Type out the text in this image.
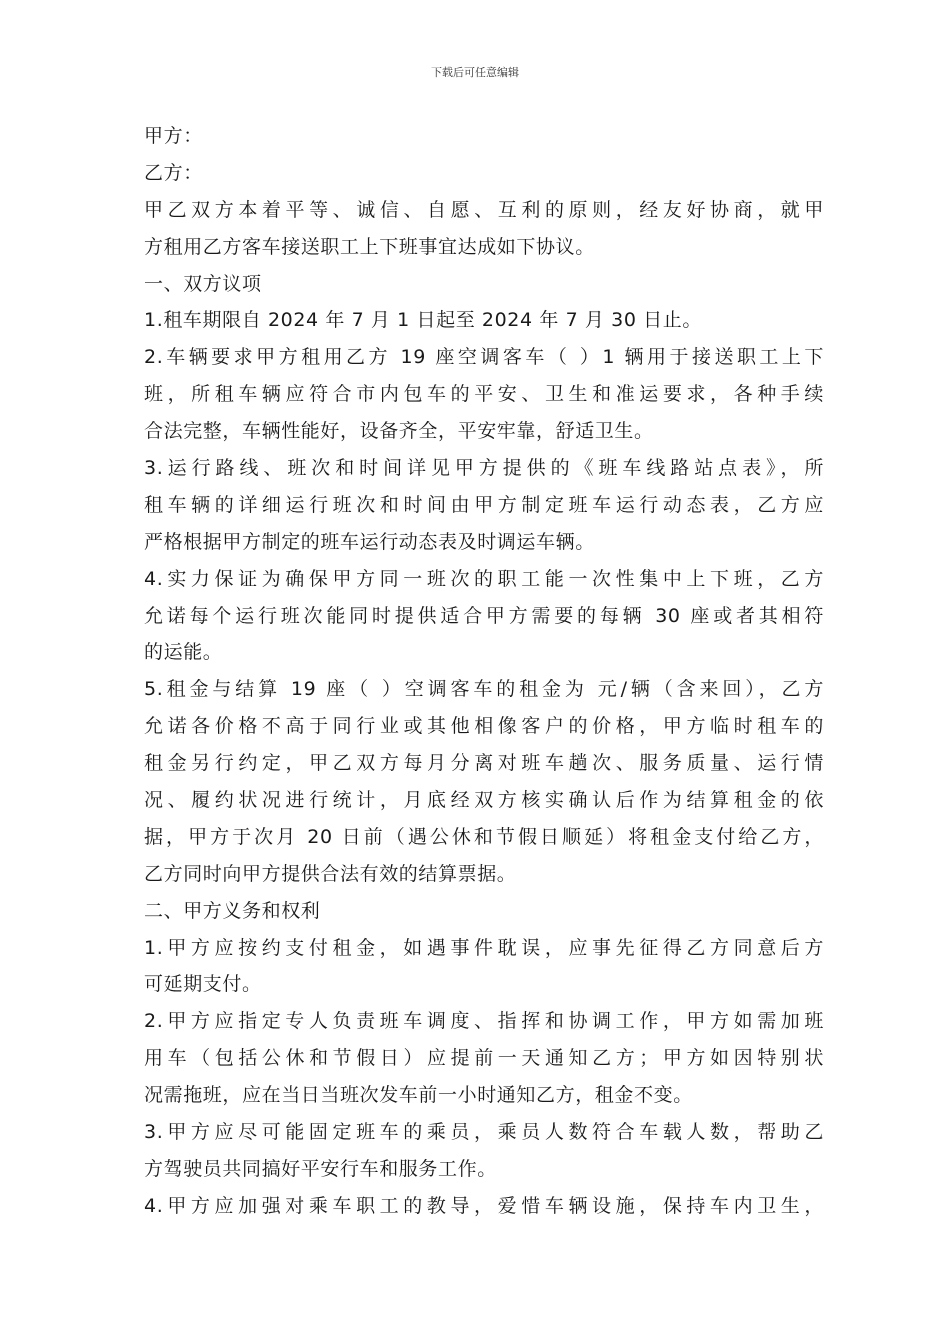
下载后可任意编辑
甲方：
乙方：
甲乙双方本着平等、诚信、自愿、互利的原则，经友好协商，就甲
方租用乙方客车接送职工上下班事宜达成如下协议。
一、双方议项
1.租车期限自 2024 年 7 月 1 日起至 2024 年 7 月 30 日止。
2.车辆要求甲方租用乙方 19 座空调客车（ ）1 辆用于接送职工上下
班，所租车辆应符合市内包车的平安、卫生和准运要求，各种手续
合法完整，车辆性能好，设备齐全，平安牢靠，舒适卫生。
3.运行路线、班次和时间详见甲方提供的《班车线路站点表》，所
租车辆的详细运行班次和时间由甲方制定班车运行动态表，乙方应
严格根据甲方制定的班车运行动态表及时调运车辆。
4.实力保证为确保甲方同一班次的职工能一次性集中上下班，乙方
允诺每个运行班次能同时提供适合甲方需要的每辆 30 座或者其相符
的运能。
5.租金与结算 19 座（ ）空调客车的租金为 元/辆（含来回），乙方
允诺各价格不高于同行业或其他相像客户的价格，甲方临时租车的
租金另行约定，甲乙双方每月分离对班车趟次、服务质量、运行情
况、履约状况进行统计，月底经双方核实确认后作为结算租金的依
据，甲方于次月 20 日前（遇公休和节假日顺延）将租金支付给乙方，
乙方同时向甲方提供合法有效的结算票据。
二、甲方义务和权利
1.甲方应按约支付租金，如遇事件耽误，应事先征得乙方同意后方
可延期支付。
2.甲方应指定专人负责班车调度、指挥和协调工作，甲方如需加班
用车（包括公休和节假日）应提前一天通知乙方；甲方如因特别状
况需拖班，应在当日当班次发车前一小时通知乙方，租金不变。
3.甲方应尽可能固定班车的乘员，乘员人数符合车载人数，帮助乙
方驾驶员共同搞好平安行车和服务工作。
4.甲方应加强对乘车职工的教导，爱惜车辆设施，保持车内卫生，
